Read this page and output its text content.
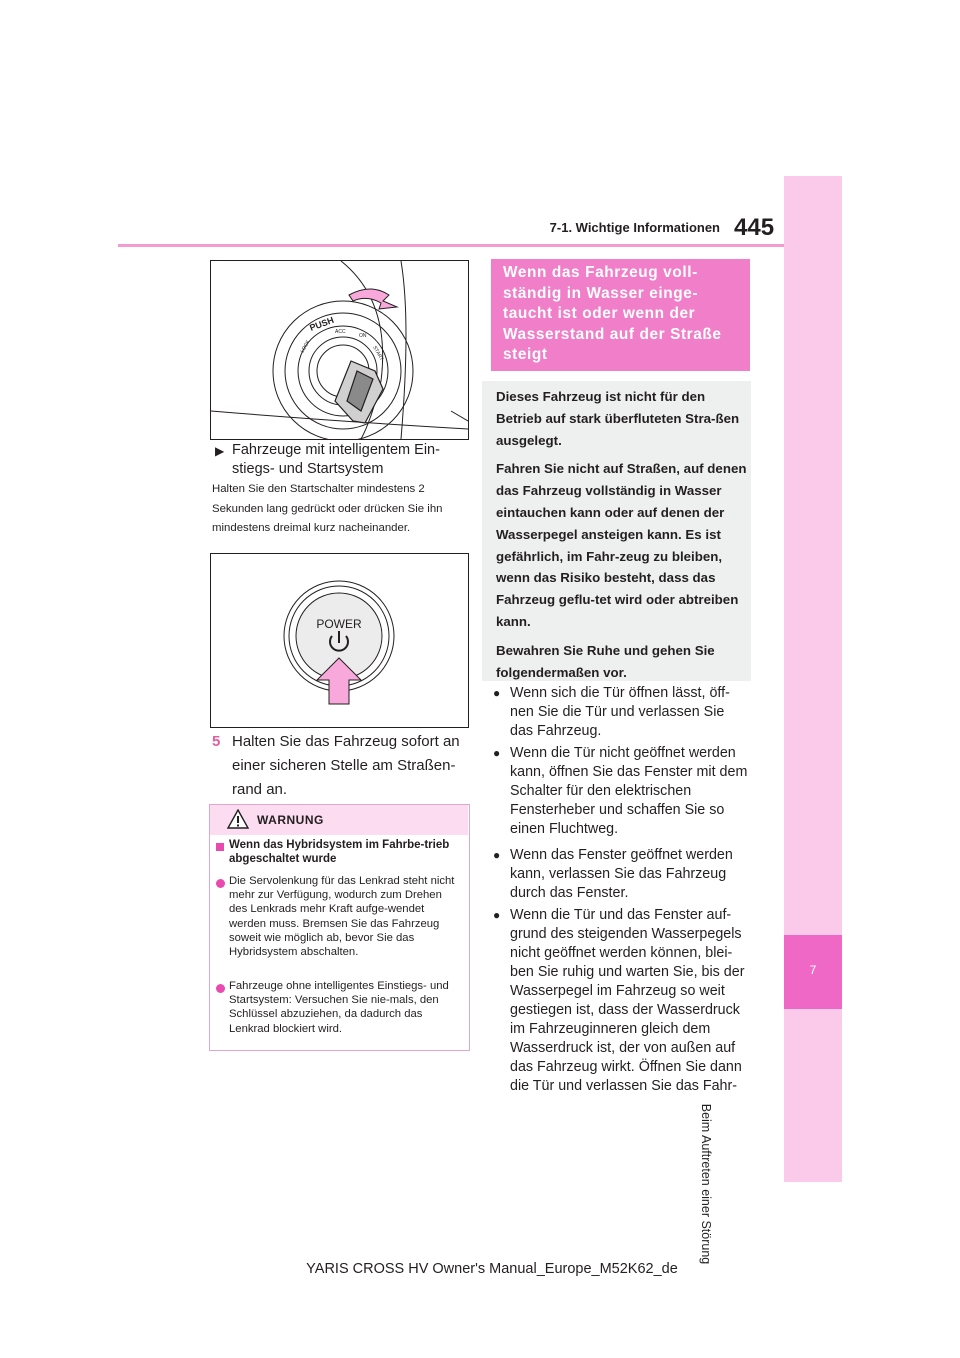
7-1. Wichtige Informationen 445
7
Beim Auftreten einer Störung
PUSH
LOCK
ACC
ON
START
▶ Fahrzeuge mit intelligentem Ein-stiegs- und Startsystem
Halten Sie den Startschalter mindestens 2 Sekunden lang gedrückt oder drücken Sie ihn mindestens dreimal kurz nacheinander.
POWER
5 Halten Sie das Fahrzeug sofort an einer sicheren Stelle am Straßen-rand an.
WARNUNG
Wenn das Hybridsystem im Fahrbe-trieb abgeschaltet wurde
Die Servolenkung für das Lenkrad steht nicht mehr zur Verfügung, wodurch zum Drehen des Lenkrads mehr Kraft aufge-wendet werden muss. Bremsen Sie das Fahrzeug soweit wie möglich ab, bevor Sie das Hybridsystem abschalten.
Fahrzeuge ohne intelligentes Einstiegs- und Startsystem: Versuchen Sie nie-mals, den Schlüssel abzuziehen, da dadurch das Lenkrad blockiert wird.
Wenn das Fahrzeug voll-ständig in Wasser einge-taucht ist oder wenn der Wasserstand auf der Straße steigt

Dieses Fahrzeug ist nicht für den Betrieb auf stark überfluteten Stra-ßen ausgelegt.

Fahren Sie nicht auf Straßen, auf denen das Fahrzeug vollständig in Wasser eintauchen kann oder auf denen der Wasserpegel ansteigen kann. Es ist gefährlich, im Fahr-zeug zu bleiben, wenn das Risiko besteht, dass das Fahrzeug geflu-tet wird oder abtreiben kann.

Bewahren Sie Ruhe und gehen Sie folgendermaßen vor.

● Wenn sich die Tür öffnen lässt, öff-nen Sie die Tür und verlassen Sie das Fahrzeug.
● Wenn die Tür nicht geöffnet werden kann, öffnen Sie das Fenster mit dem Schalter für den elektrischen Fensterheber und schaffen Sie so einen Fluchtweg.
● Wenn das Fenster geöffnet werden kann, verlassen Sie das Fahrzeug durch das Fenster.
● Wenn die Tür und das Fenster auf-grund des steigenden Wasserpegels nicht geöffnet werden können, blei-ben Sie ruhig und warten Sie, bis der Wasserpegel im Fahrzeug so weit gestiegen ist, dass der Wasserdruck im Fahrzeuginneren gleich dem Wasserdruck ist, der von außen auf das Fahrzeug wirkt. Öffnen Sie dann die Tür und verlassen Sie das Fahr-
YARIS CROSS HV Owner's Manual_Europe_M52K62_de
